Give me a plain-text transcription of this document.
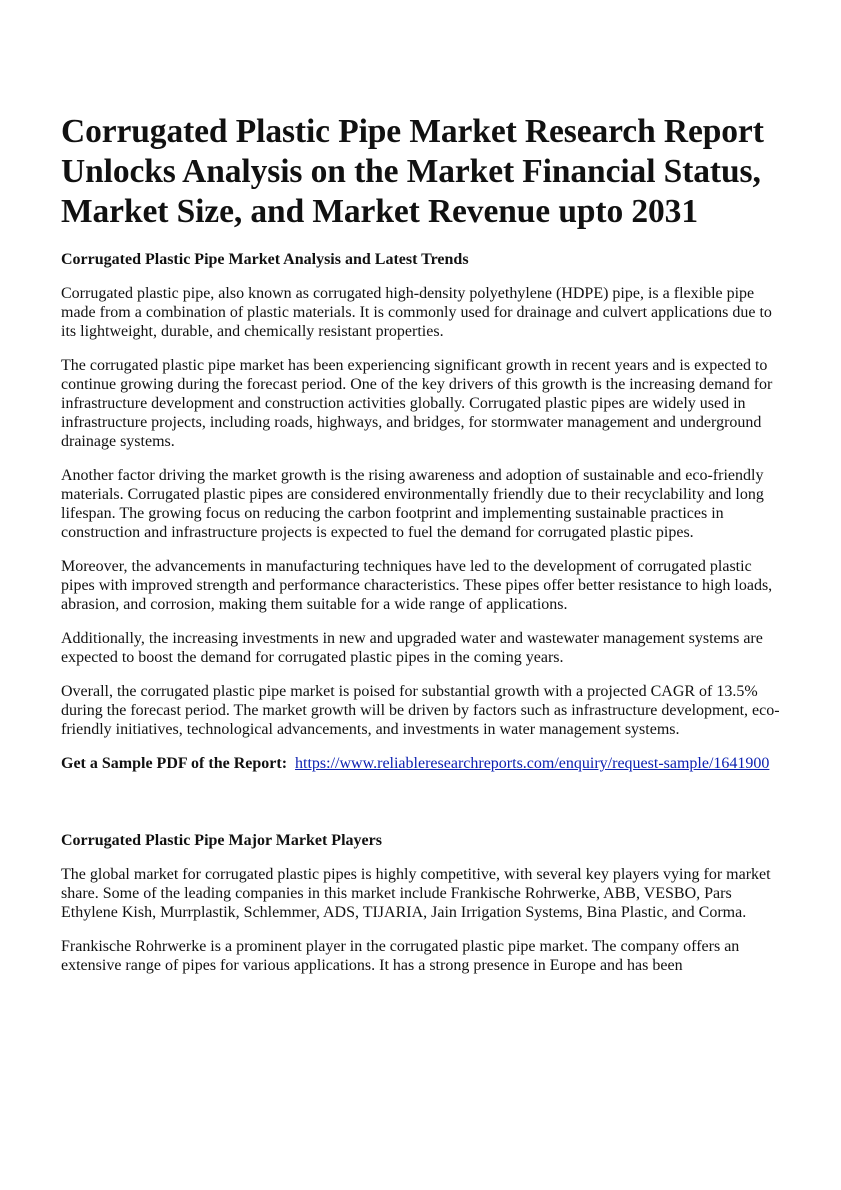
Corrugated Plastic Pipe Market Research Report Unlocks Analysis on the Market Financial Status, Market Size, and Market Revenue upto 2031
Corrugated Plastic Pipe Market Analysis and Latest Trends

Corrugated plastic pipe, also known as corrugated high-density polyethylene (HDPE) pipe, is a flexible pipe made from a combination of plastic materials. It is commonly used for drainage and culvert applications due to its lightweight, durable, and chemically resistant properties.

The corrugated plastic pipe market has been experiencing significant growth in recent years and is expected to continue growing during the forecast period. One of the key drivers of this growth is the increasing demand for infrastructure development and construction activities globally. Corrugated plastic pipes are widely used in infrastructure projects, including roads, highways, and bridges, for stormwater management and underground drainage systems.

Another factor driving the market growth is the rising awareness and adoption of sustainable and eco-friendly materials. Corrugated plastic pipes are considered environmentally friendly due to their recyclability and long lifespan. The growing focus on reducing the carbon footprint and implementing sustainable practices in construction and infrastructure projects is expected to fuel the demand for corrugated plastic pipes.

Moreover, the advancements in manufacturing techniques have led to the development of corrugated plastic pipes with improved strength and performance characteristics. These pipes offer better resistance to high loads, abrasion, and corrosion, making them suitable for a wide range of applications.

Additionally, the increasing investments in new and upgraded water and wastewater management systems are expected to boost the demand for corrugated plastic pipes in the coming years.

Overall, the corrugated plastic pipe market is poised for substantial growth with a projected CAGR of 13.5% during the forecast period. The market growth will be driven by factors such as infrastructure development, eco-friendly initiatives, technological advancements, and investments in water management systems.

Get a Sample PDF of the Report: https://www.reliableresearchreports.com/enquiry/request-sample/1641900

Corrugated Plastic Pipe Major Market Players

The global market for corrugated plastic pipes is highly competitive, with several key players vying for market share. Some of the leading companies in this market include Frankische Rohrwerke, ABB, VESBO, Pars Ethylene Kish, Murrplastik, Schlemmer, ADS, TIJARIA, Jain Irrigation Systems, Bina Plastic, and Corma.

Frankische Rohrwerke is a prominent player in the corrugated plastic pipe market. The company offers an extensive range of pipes for various applications. It has a strong presence in Europe and has been
